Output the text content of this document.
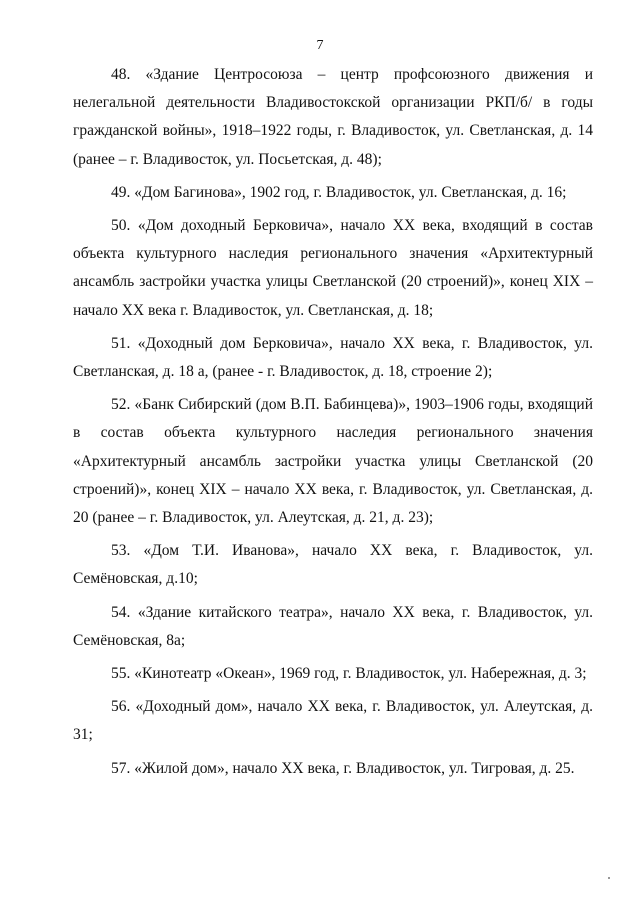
7

48. «Здание Центросоюза – центр профсоюзного движения и нелегальной деятельности Владивостокской организации РКП/б/ в годы гражданской войны», 1918–1922 годы, г. Владивосток, ул. Светланская, д. 14 (ранее – г. Владивосток, ул. Посьетская, д. 48);

49. «Дом Багинова», 1902 год, г. Владивосток, ул. Светланская, д. 16;

50. «Дом доходный Берковича», начало XX века, входящий в состав объекта культурного наследия регионального значения «Архитектурный ансамбль застройки участка улицы Светланской (20 строений)», конец XIX – начало XX века г. Владивосток, ул. Светланская, д. 18;

51. «Доходный дом Берковича», начало XX века, г. Владивосток, ул. Светланская, д. 18 а, (ранее - г. Владивосток, д. 18, строение 2);

52. «Банк Сибирский (дом В.П. Бабинцева)», 1903–1906 годы, входящий в состав объекта культурного наследия регионального значения «Архитектурный ансамбль застройки участка улицы Светланской (20 строений)», конец XIX – начало XX века, г. Владивосток, ул. Светланская, д. 20 (ранее – г. Владивосток, ул. Алеутская, д. 21, д. 23);

53. «Дом Т.И. Иванова», начало XX века, г. Владивосток, ул. Семёновская, д.10;

54. «Здание китайского театра», начало XX века, г. Владивосток, ул. Семёновская, 8а;

55. «Кинотеатр «Океан», 1969 год, г. Владивосток, ул. Набережная, д. 3;

56. «Доходный дом», начало XX века, г. Владивосток, ул. Алеутская, д. 31;

57. «Жилой дом», начало XX века, г. Владивосток, ул. Тигровая, д. 25.
